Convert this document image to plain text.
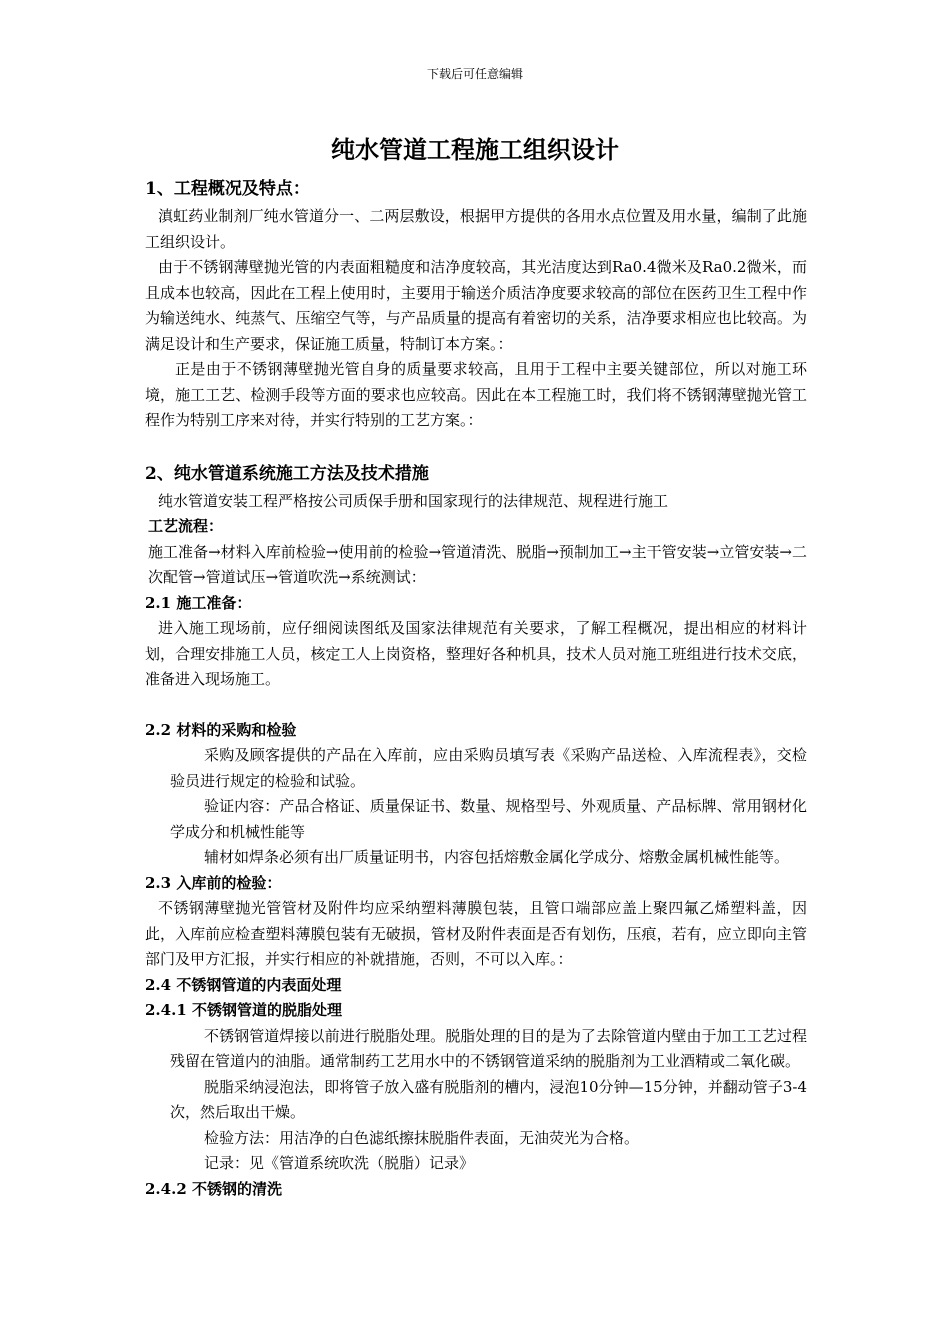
下载后可任意编辑
纯水管道工程施工组织设计

1、工程概况及特点：

滇虹药业制剂厂纯水管道分一、二两层敷设，根据甲方提供的各用水点位置及用水量，编制了此施工组织设计。

由于不锈钢薄壁抛光管的内表面粗糙度和洁净度较高，其光洁度达到Ra0.4微米及Ra0.2微米，而且成本也较高，因此在工程上使用时，主要用于输送介质洁净度要求较高的部位在医药卫生工程中作为输送纯水、纯蒸气、压缩空气等，与产品质量的提高有着密切的关系，洁净要求相应也比较高。为满足设计和生产要求，保证施工质量，特制订本方案。：

正是由于不锈钢薄壁抛光管自身的质量要求较高，且用于工程中主要关键部位，所以对施工环境，施工工艺、检测手段等方面的要求也应较高。因此在本工程施工时，我们将不锈钢薄壁抛光管工程作为特别工序来对待，并实行特别的工艺方案。：

2、纯水管道系统施工方法及技术措施

纯水管道安装工程严格按公司质保手册和国家现行的法律规范、规程进行施工

工艺流程：

施工准备→材料入库前检验→使用前的检验→管道清洗、脱脂→预制加工→主干管安装→立管安装→二次配管→管道试压→管道吹洗→系统测试：

2.1 施工准备：

进入施工现场前，应仔细阅读图纸及国家法律规范有关要求，了解工程概况，提出相应的材料计划，合理安排施工人员，核定工人上岗资格，整理好各种机具，技术人员对施工班组进行技术交底，准备进入现场施工。

2.2 材料的采购和检验

采购及顾客提供的产品在入库前，应由采购员填写表《采购产品送检、入库流程表》，交检验员进行规定的检验和试验。

验证内容：产品合格证、质量保证书、数量、规格型号、外观质量、产品标牌、常用钢材化学成分和机械性能等

辅材如焊条必须有出厂质量证明书，内容包括熔敷金属化学成分、熔敷金属机械性能等。

2.3 入库前的检验：

不锈钢薄壁抛光管管材及附件均应采纳塑料薄膜包装，且管口端部应盖上聚四氟乙烯塑料盖，因此，入库前应检查塑料薄膜包装有无破损，管材及附件表面是否有划伤，压痕，若有，应立即向主管部门及甲方汇报，并实行相应的补就措施，否则，不可以入库。：

2.4 不锈钢管道的内表面处理

2.4.1 不锈钢管道的脱脂处理

不锈钢管道焊接以前进行脱脂处理。脱脂处理的目的是为了去除管道内壁由于加工工艺过程残留在管道内的油脂。通常制药工艺用水中的不锈钢管道采纳的脱脂剂为工业酒精或二氧化碳。

脱脂采纳浸泡法，即将管子放入盛有脱脂剂的槽内，浸泡10分钟—15分钟，并翻动管子3-4次，然后取出干燥。

检验方法：用洁净的白色滤纸擦抹脱脂件表面，无油荧光为合格。

记录：见《管道系统吹洗（脱脂）记录》

2.4.2 不锈钢的清洗
